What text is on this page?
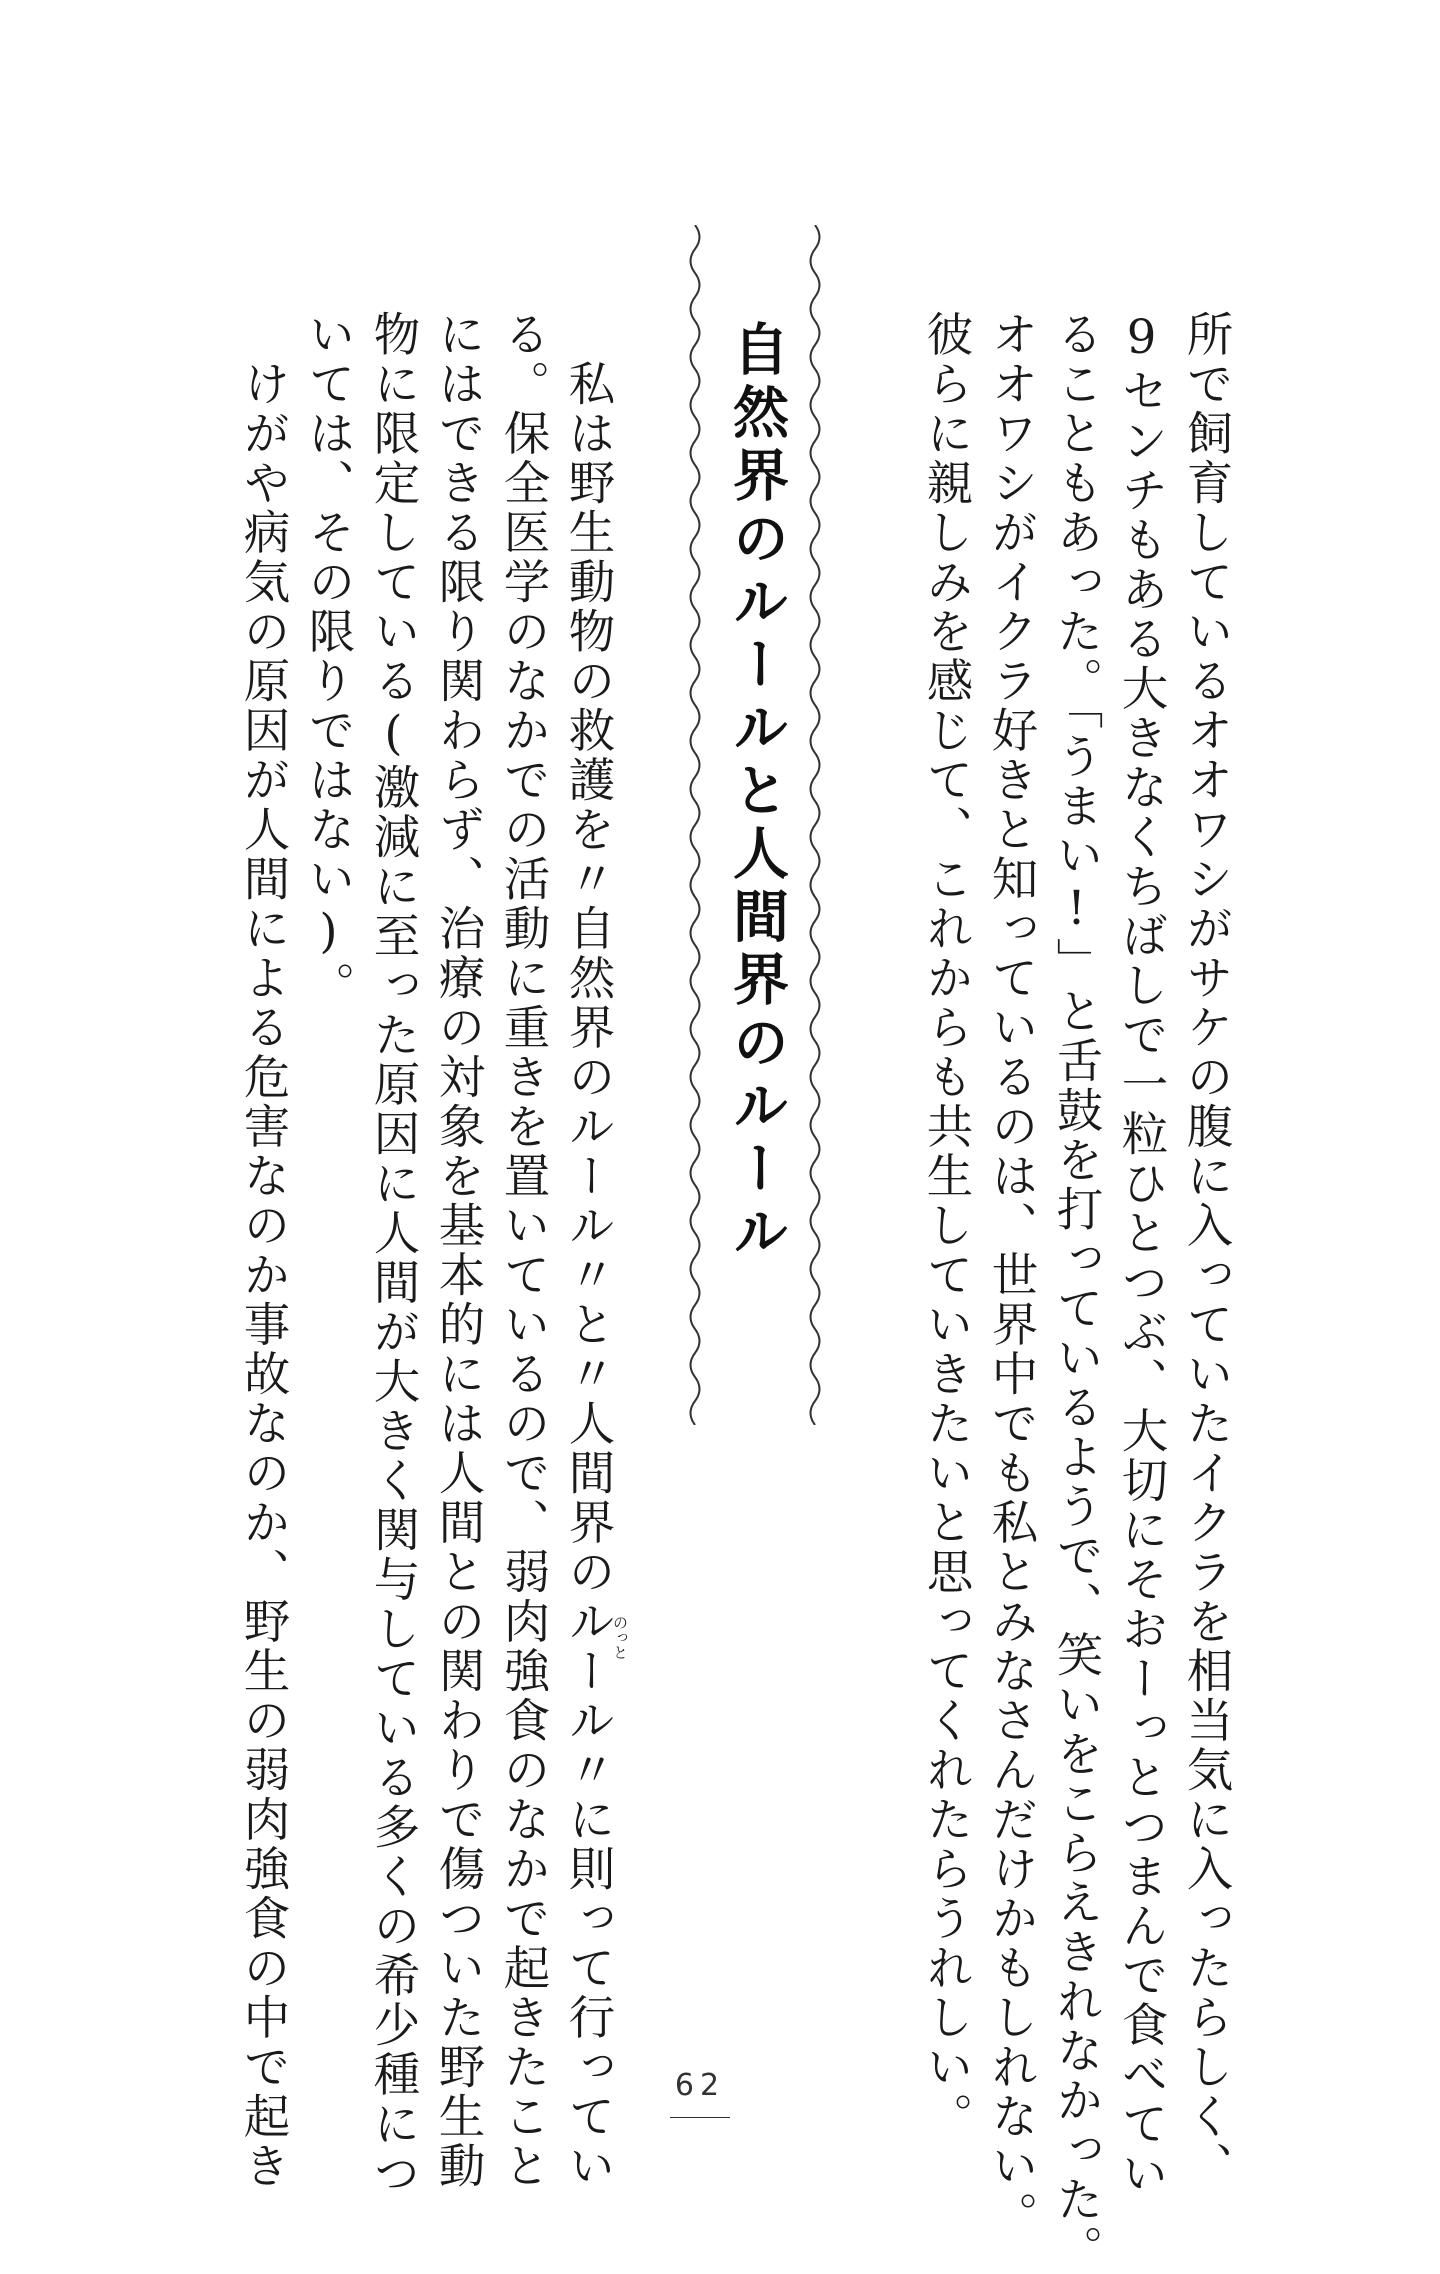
所で飼育しているオオワシがサケの腹に入っていたイクラを相当気に入ったらしく、
9センチもある大きなくちばしで一粒ひとつぶ、大切にそおーっとつまんで食べてい
ることもあった。「うまい!」と舌鼓を打っているようで、笑いをこらえきれなかった。
オオワシがイクラ好きと知っているのは、世界中でも私とみなさんだけかもしれない。
彼らに親しみを感じて、これからも共生していきたいと思ってくれたらうれしい。
自然界のルールと人間界のルール
　私は野生動物の救護を〃自然界のルール〃と〃人間界のルール〃に則って行ってい
のっと
る。保全医学のなかでの活動に重きを置いているので、弱肉強食のなかで起きたこと
にはできる限り関わらず、治療の対象を基本的には人間との関わりで傷ついた野生動
物に限定している(激減に至った原因に人間が大きく関与している多くの希少種につ
いては、その限りではない)。
　けがや病気の原因が人間による危害なのか事故なのか、野生の弱肉強食の中で起き	62
